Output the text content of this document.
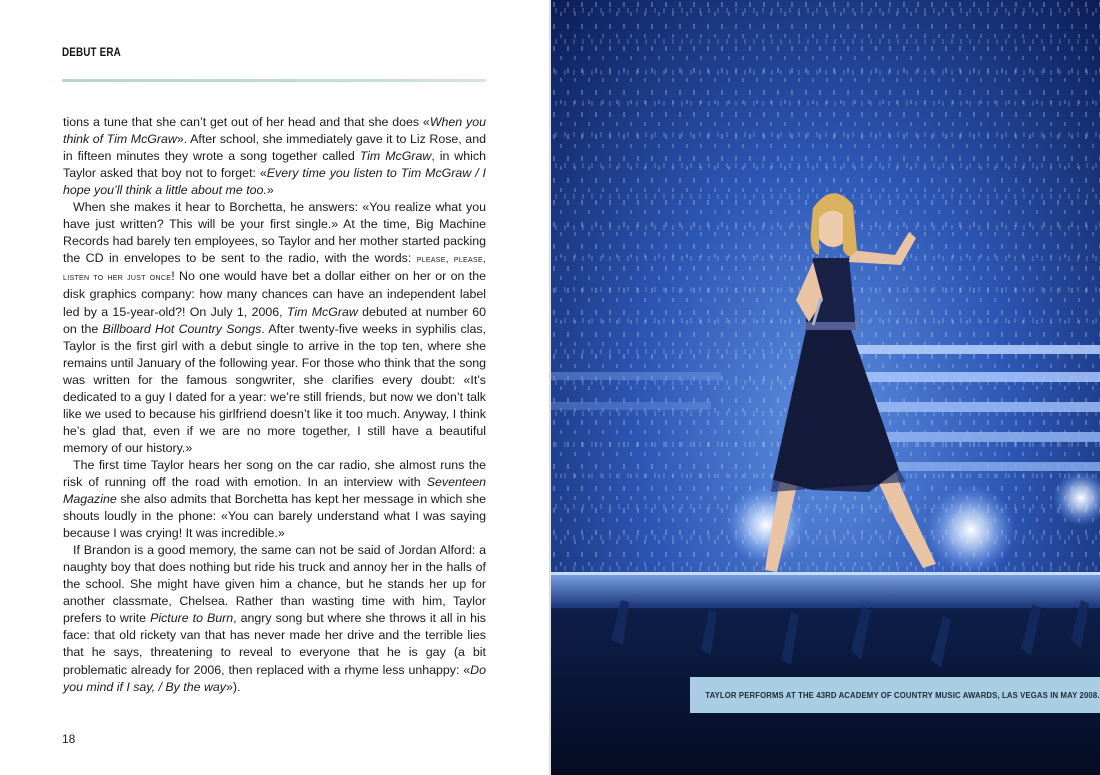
DEBUT ERA

tions a tune that she can’t get out of her head and that she does «When you think of Tim McGraw». After school, she immediately gave it to Liz Rose, and in fifteen minutes they wrote a song together called Tim McGraw, in which Taylor asked that boy not to forget: «Every time you listen to Tim McGraw / I hope you’ll think a little about me too.»

When she makes it hear to Borchetta, he answers: «You realize what you have just written? This will be your first single.» At the time, Big Machine Records had barely ten employees, so Taylor and her mother started packing the CD in envelopes to be sent to the radio, with the words: please, please, listen to her just once! No one would have bet a dollar either on her or on the disk graphics company: how many chances can have an independent label led by a 15-year-old?! On July 1, 2006, Tim McGraw debuted at number 60 on the Billboard Hot Country Songs. After twenty-five weeks in syphilis clas, Taylor is the first girl with a debut single to arrive in the top ten, where she remains until January of the following year. For those who think that the song was written for the famous songwriter, she clarifies every doubt: «It’s dedicated to a guy I dated for a year: we’re still friends, but now we don’t talk like we used to because his girlfriend doesn’t like it too much. Anyway, I think he’s glad that, even if we are no more together, I still have a beautiful memory of our history.»

The first time Taylor hears her song on the car radio, she almost runs the risk of running off the road with emotion. In an interview with Seventeen Magazine she also admits that Borchetta has kept her message in which she shouts loudly in the phone: «You can barely understand what I was saying because I was crying! It was incredible.»

If Brandon is a good memory, the same can not be said of Jordan Alford: a naughty boy that does nothing but ride his truck and annoy her in the halls of the school. She might have given him a chance, but he stands her up for another classmate, Chelsea. Rather than wasting time with him, Taylor prefers to write Picture to Burn, angry song but where she throws it all in his face: that old rickety van that has never made her drive and the terrible lies that he says, threatening to reveal to everyone that he is gay (a bit problematic already for 2006, then replaced with a rhyme less unhappy: «Do you mind if I say, / By the way»).

18
TAYLOR PERFORMS AT THE 43RD ACADEMY OF COUNTRY MUSIC AWARDS, LAS VEGAS IN MAY 2008.
